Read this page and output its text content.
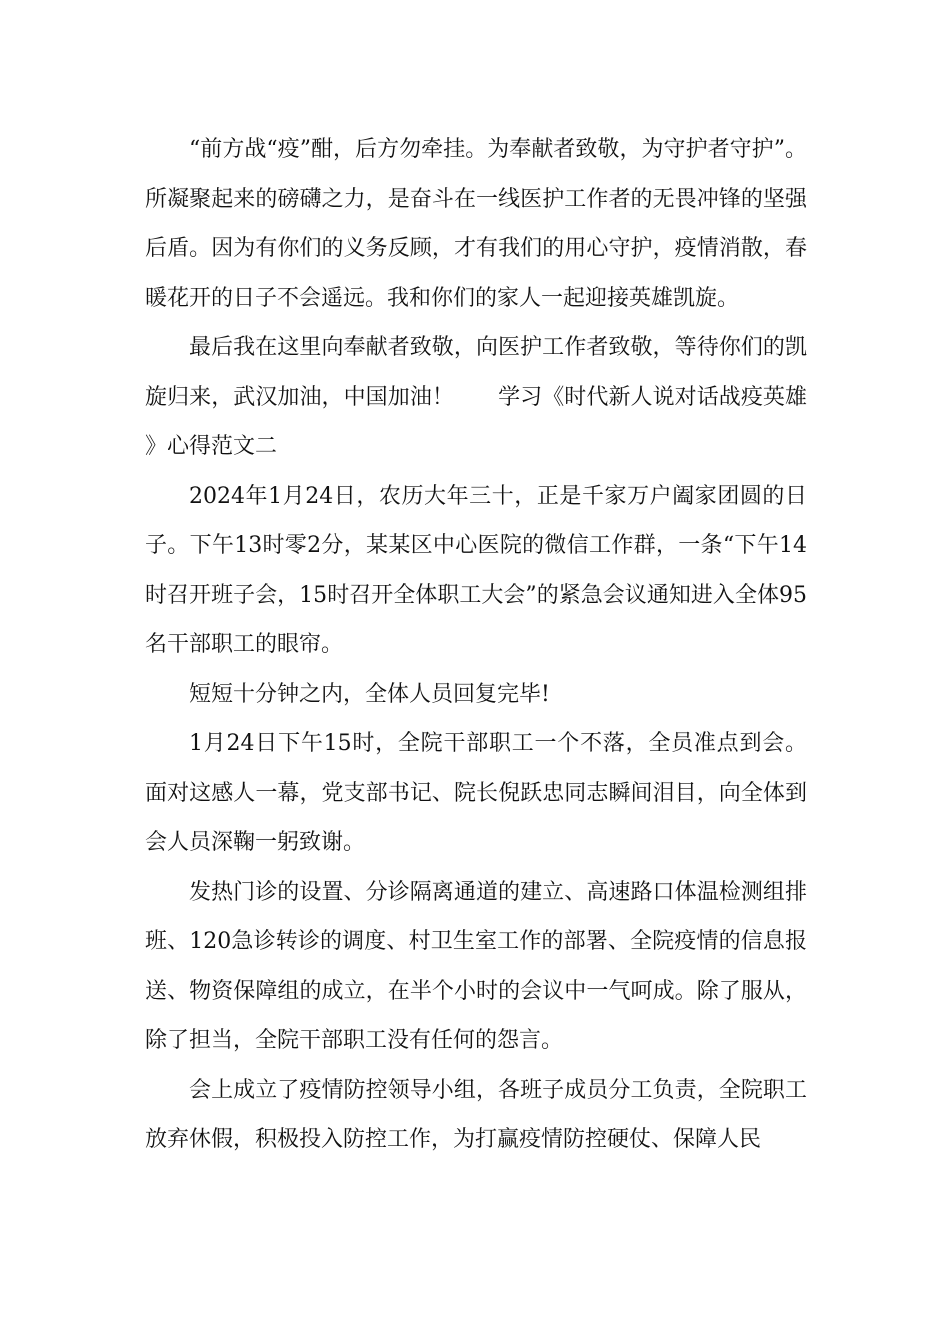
“前方战“疫”酣，后方勿牵挂。为奉献者致敬，为守护者守护”。所凝聚起来的磅礴之力，是奋斗在一线医护工作者的无畏冲锋的坚强后盾。因为有你们的义务反顾，才有我们的用心守护，疫情消散，春暖花开的日子不会遥远。我和你们的家人一起迎接英雄凯旋。

最后我在这里向奉献者致敬，向医护工作者致敬，等待你们的凯旋归来，武汉加油，中国加油！　　学习《时代新人说对话战疫英雄》心得范文二

2024年1月24日，农历大年三十，正是千家万户阖家团圆的日子。下午13时零2分，某某区中心医院的微信工作群，一条“下午14时召开班子会，15时召开全体职工大会”的紧急会议通知进入全体95名干部职工的眼帘。

短短十分钟之内，全体人员回复完毕!

1月24日下午15时，全院干部职工一个不落，全员准点到会。面对这感人一幕，党支部书记、院长倪跃忠同志瞬间泪目，向全体到会人员深鞠一躬致谢。

发热门诊的设置、分诊隔离通道的建立、高速路口体温检测组排班、120急诊转诊的调度、村卫生室工作的部署、全院疫情的信息报送、物资保障组的成立，在半个小时的会议中一气呵成。除了服从，除了担当，全院干部职工没有任何的怨言。

会上成立了疫情防控领导小组，各班子成员分工负责，全院职工放弃休假，积极投入防控工作，为打赢疫情防控硬仗、保障人民
